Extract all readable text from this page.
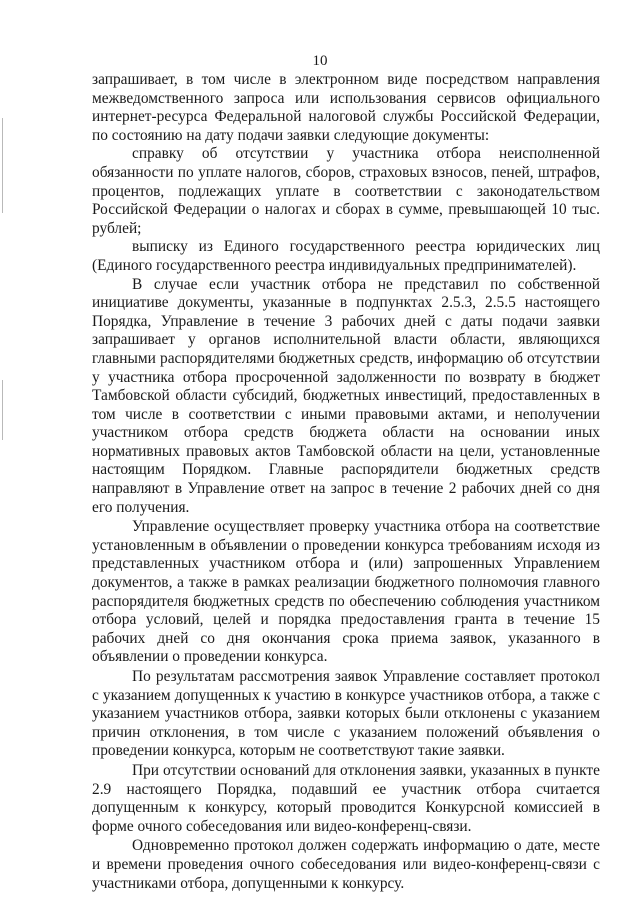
10

запрашивает, в том числе в электронном виде посредством направления межведомственного запроса или использования сервисов официального интернет-ресурса Федеральной налоговой службы Российской Федерации, по состоянию на дату подачи заявки следующие документы:

справку об отсутствии у участника отбора неисполненной обязанности по уплате налогов, сборов, страховых взносов, пеней, штрафов, процентов, подлежащих уплате в соответствии с законодательством Российской Федерации о налогах и сборах в сумме, превышающей 10 тыс. рублей;

выписку из Единого государственного реестра юридических лиц (Единого государственного реестра индивидуальных предпринимателей).

В случае если участник отбора не представил по собственной инициативе документы, указанные в подпунктах 2.5.3, 2.5.5 настоящего Порядка, Управление в течение 3 рабочих дней с даты подачи заявки запрашивает у органов исполнительной власти области, являющихся главными распорядителями бюджетных средств, информацию об отсутствии у участника отбора просроченной задолженности по возврату в бюджет Тамбовской области субсидий, бюджетных инвестиций, предоставленных в том числе в соответствии с иными правовыми актами, и неполучении участником отбора средств бюджета области на основании иных нормативных правовых актов Тамбовской области на цели, установленные настоящим Порядком. Главные распорядители бюджетных средств направляют в Управление ответ на запрос в течение 2 рабочих дней со дня его получения.

Управление осуществляет проверку участника отбора на соответствие установленным в объявлении о проведении конкурса требованиям исходя из представленных участником отбора и (или) запрошенных Управлением документов, а также в рамках реализации бюджетного полномочия главного распорядителя бюджетных средств по обеспечению соблюдения участником отбора условий, целей и порядка предоставления гранта в течение 15 рабочих дней со дня окончания срока приема заявок, указанного в объявлении о проведении конкурса.

По результатам рассмотрения заявок Управление составляет протокол с указанием допущенных к участию в конкурсе участников отбора, а также с указанием участников отбора, заявки которых были отклонены с указанием причин отклонения, в том числе с указанием положений объявления о проведении конкурса, которым не соответствуют такие заявки.

При отсутствии оснований для отклонения заявки, указанных в пункте 2.9 настоящего Порядка, подавший ее участник отбора считается допущенным к конкурсу, который проводится Конкурсной комиссией в форме очного собеседования или видео-конференц-связи.

Одновременно протокол должен содержать информацию о дате, месте и времени проведения очного собеседования или видео-конференц-связи с участниками отбора, допущенными к конкурсу.
